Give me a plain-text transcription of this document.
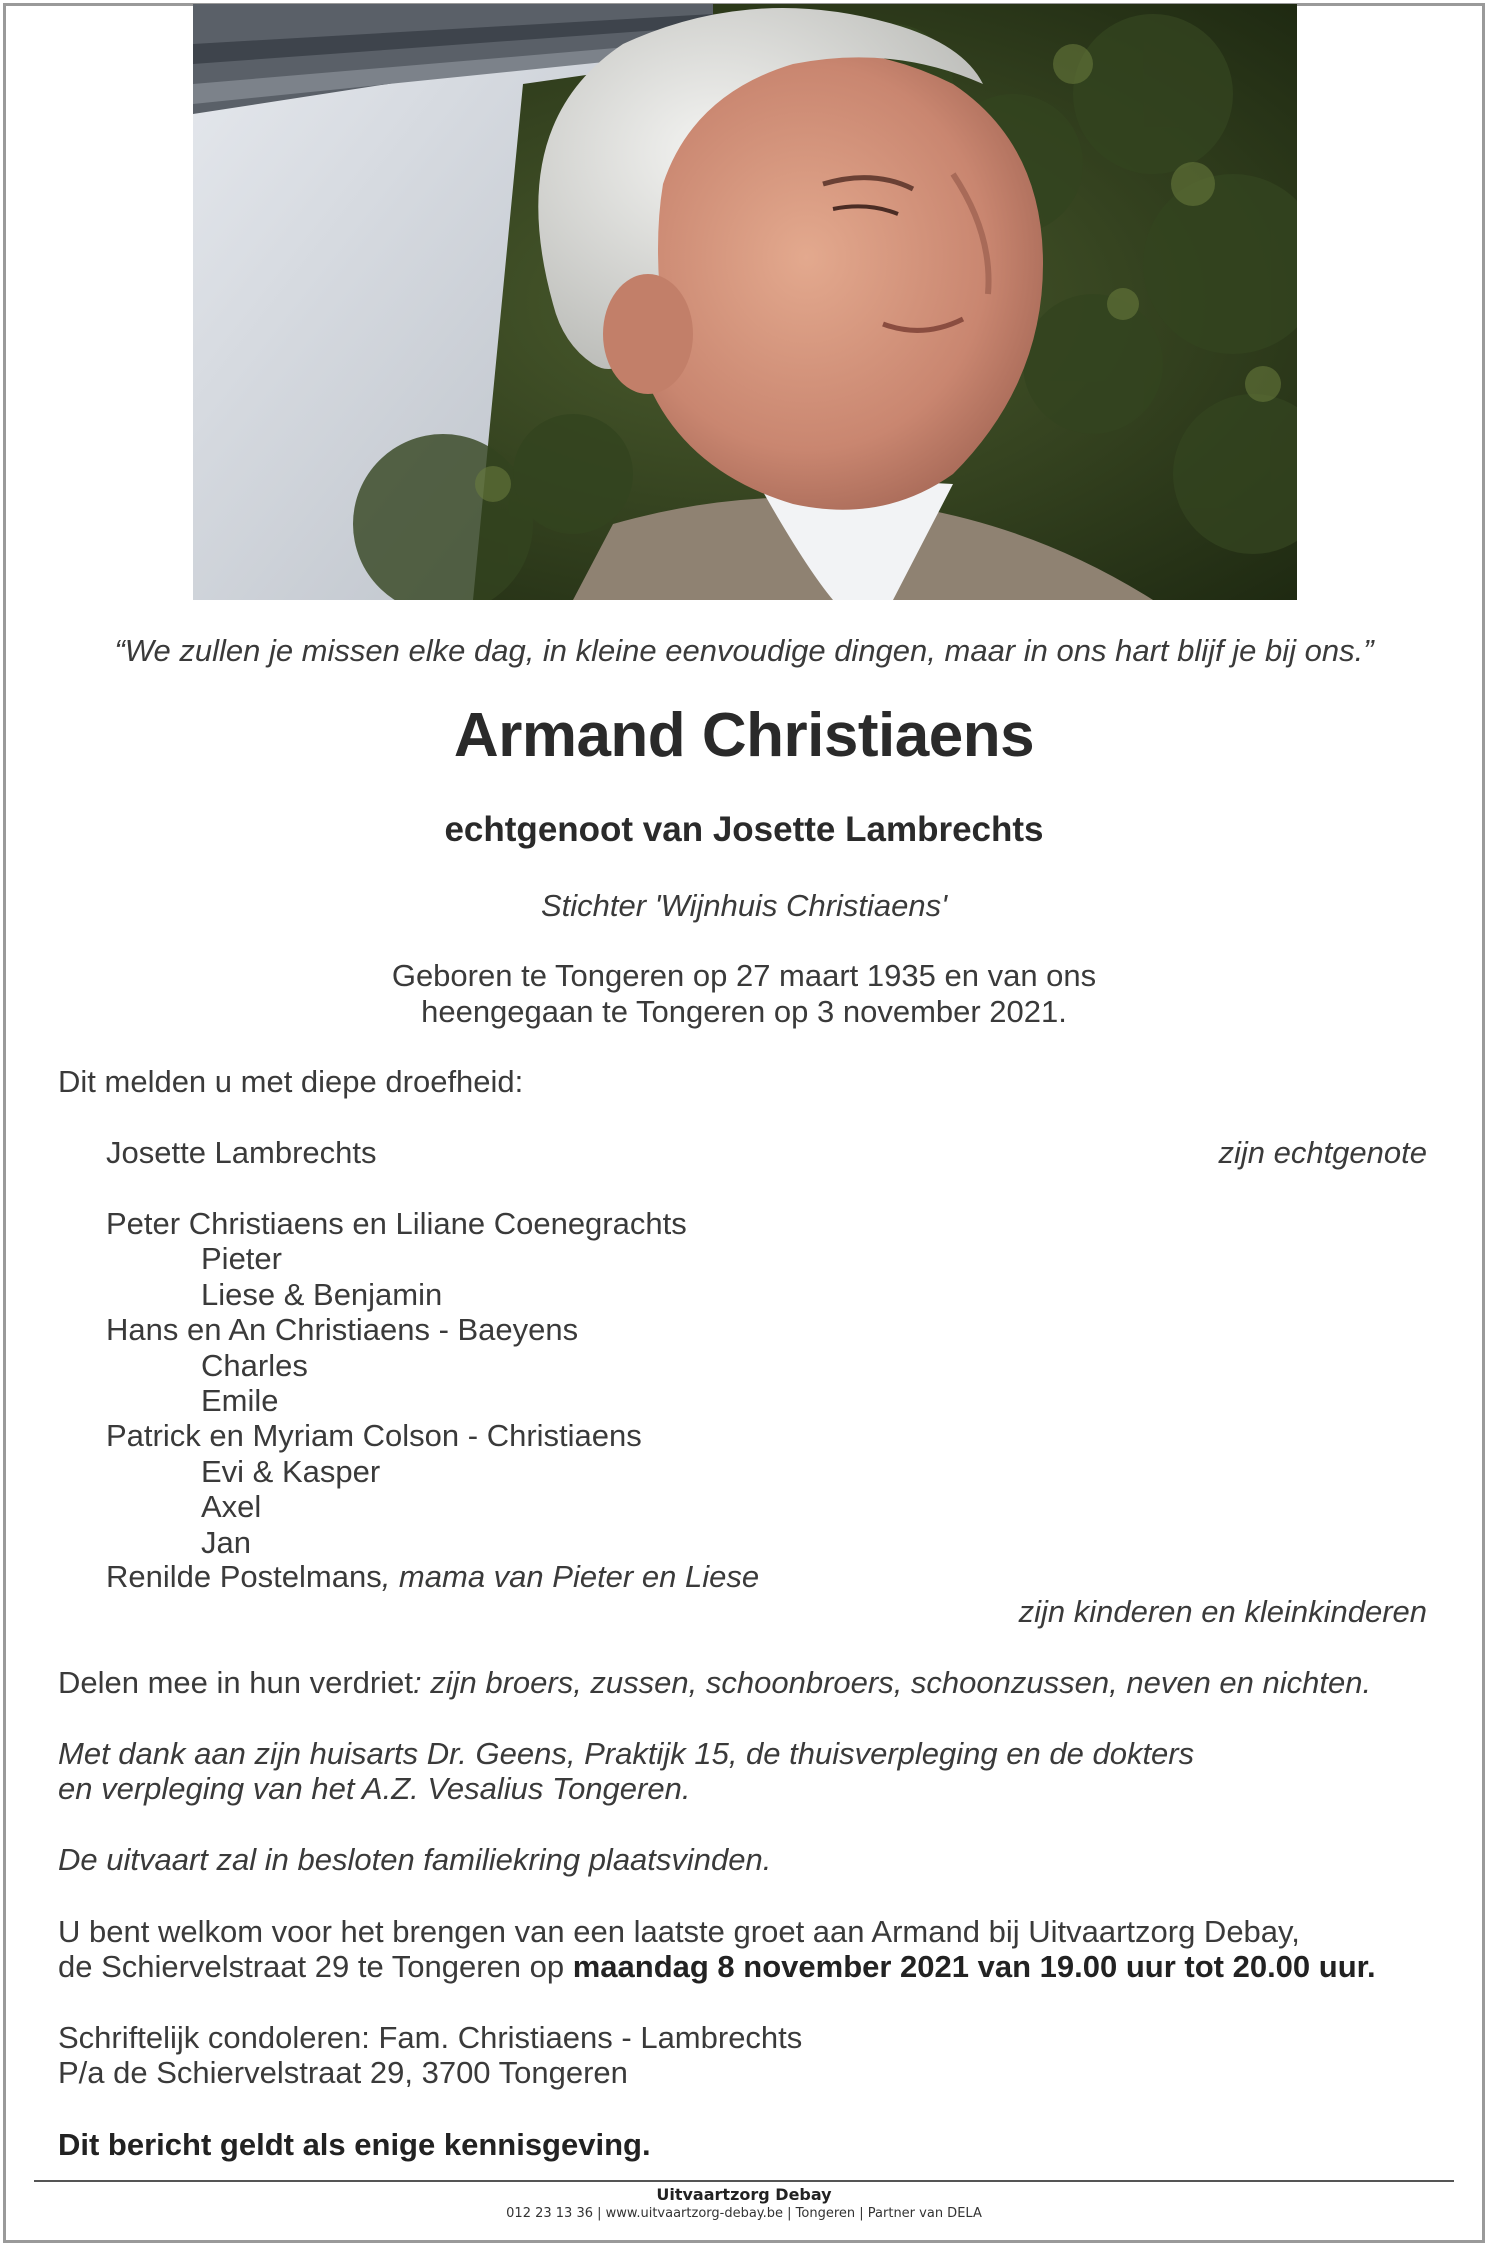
“We zullen je missen elke dag, in kleine eenvoudige dingen, maar in ons hart blijf je bij ons.”
Armand Christiaens
echtgenoot van Josette Lambrechts
Stichter 'Wijnhuis Christiaens'
Geboren te Tongeren op 27 maart 1935 en van ons
heengegaan te Tongeren op 3 november 2021.
Dit melden u met diepe droefheid:
Josette Lambrechts	zijn echtgenote
Peter Christiaens en Liliane Coenegrachts
Pieter
Liese & Benjamin
Hans en An Christiaens - Baeyens
Charles
Emile
Patrick en Myriam Colson - Christiaens
Evi & Kasper
Axel
Jan
Renilde Postelmans, mama van Pieter en Liese
zijn kinderen en kleinkinderen
Delen mee in hun verdriet: zijn broers, zussen, schoonbroers, schoonzussen, neven en nichten.
Met dank aan zijn huisarts Dr. Geens, Praktijk 15, de thuisverpleging en de dokters
en verpleging van het A.Z. Vesalius Tongeren.
De uitvaart zal in besloten familiekring plaatsvinden.
U bent welkom voor het brengen van een laatste groet aan Armand bij Uitvaartzorg Debay,
de Schiervelstraat 29 te Tongeren op maandag 8 november 2021 van 19.00 uur tot 20.00 uur.
Schriftelijk condoleren: Fam. Christiaens - Lambrechts
P/a de Schiervelstraat 29, 3700 Tongeren
Dit bericht geldt als enige kennisgeving.
Uitvaartzorg Debay
012 23 13 36 | www.uitvaartzorg-debay.be | Tongeren | Partner van DELA
